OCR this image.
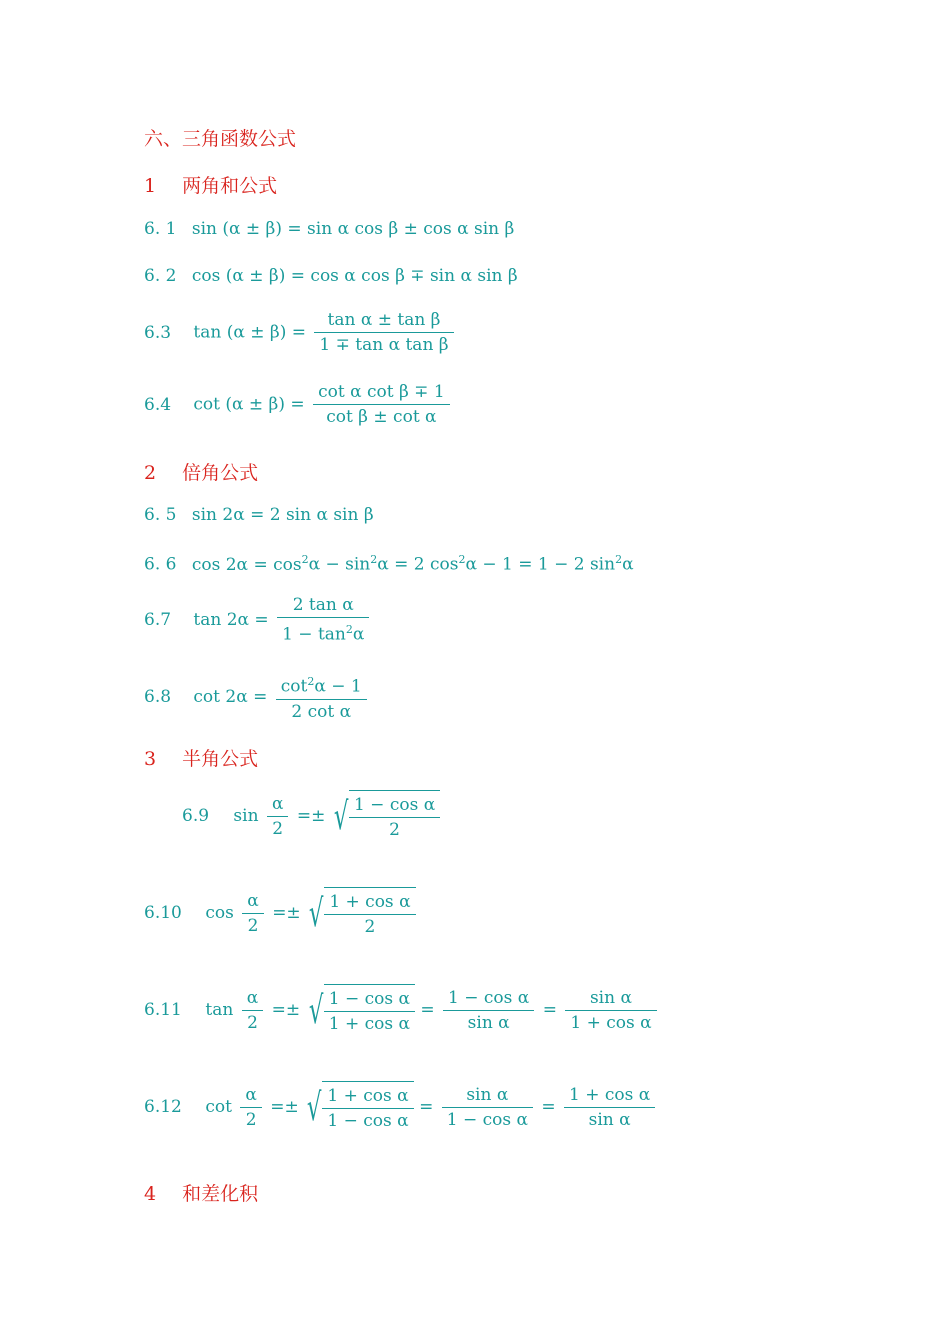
六、三角函数公式
1 两角和公式
6. 1 sin (α ± β) = sin α cos β ± cos α sin β
6. 2 cos (α ± β) = cos α cos β ∓ sin α sin β
6.3 $\tan (\alpha \pm \beta) = \frac{\text{tan α ± tan β}}{\text{1 ∓ tan α tan β}}$
6.4 $\cot (\alpha \pm \beta) = \frac{\text{cot α cot β ∓ 1}}{\text{cot β ± cot α}}$
2 倍角公式
6. 5 sin 2α = 2 sin α sin β
6. 6 $\cos 2\alpha = \cos^2\alpha - \sin^2\alpha = 2$ $\cos^2\alpha - 1 = 1 - 2$ $\sin^2\alpha$
6.7 $\tan 2\alpha = \frac{\text{2 tan α}}{1 - \tan^2\alpha}$
6.8 $\cot 2\alpha = \frac{\cot^2\alpha - 1}{\text{2 cot α}}$
3 半角公式
6.9 $\sin \frac{\alpha}{2}$ =± √ $\frac{\text{1 − cos α}}{2}$
6.10 $\cos \frac{\alpha}{2}$ =± √ $\frac{\text{1 + cos α}}{2}$
6.11 $\tan \frac{\alpha}{2}$ =± √ $\frac{\text{1 − cos α}}{\text{1 + cos α}} = \frac{\text{1 − cos α}}{\text{sin α}} = \frac{\text{sin α}}{\text{1 + cos α}}$
6.12 $\cot \frac{\alpha}{2}$ =± √ $\frac{\text{1 + cos α}}{\text{1 − cos α}} = \frac{\text{sin α}}{\text{1 − cos α}} = \frac{\text{1 + cos α}}{\text{sin α}}$
4 和差化积
